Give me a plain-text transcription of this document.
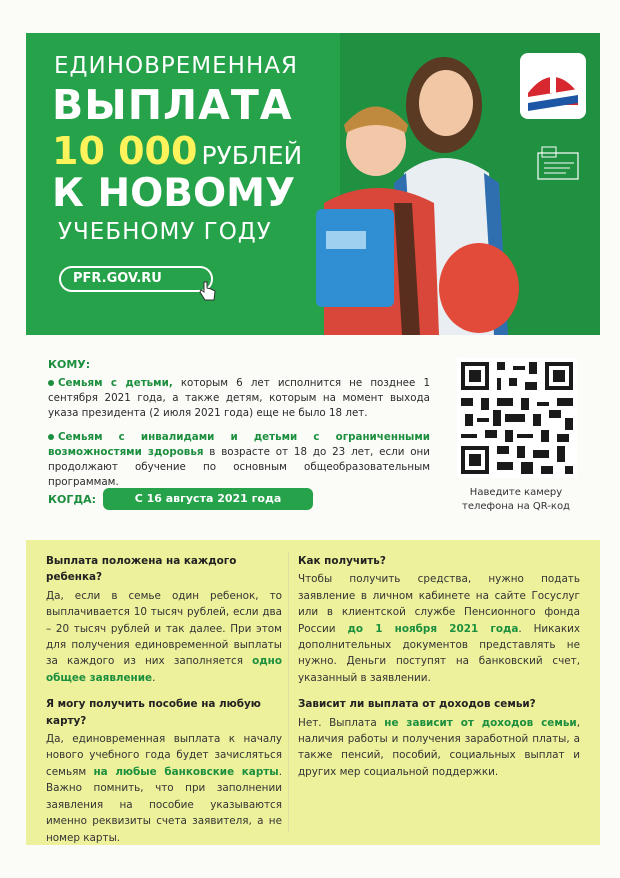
ЕДИНОВРЕМЕННАЯ
ВЫПЛАТА
10 000 РУБЛЕЙ
К НОВОМУ
УЧЕБНОМУ ГОДУ
PFR.GOV.RU
КОМУ:
Семьям с детьми, которым 6 лет исполнится не позднее 1 сентября 2021 года, а также детям, которым на момент выхода указа президента (2 июля 2021 года) еще не было 18 лет.
Семьям с инвалидами и детьми с ограниченными возможностями здоровья в возрасте от 18 до 23 лет, если они продолжают обучение по основным общеобразовательным программам.
КОГДА:	С 16 августа 2021 года	Наведите камеру
телефона на QR-код
Выплата положена на каждого ребенка?
Да, если в семье один ребенок, то выплачивается 10 тысяч рублей, если два – 20 тысяч рублей и так далее. При этом для получения единовременной выплаты за каждого из них заполняется одно общее заявление.
Я могу получить пособие на любую карту?
Да, единовременная выплата к началу нового учебного года будет зачисляться семьям на любые банковские карты. Важно помнить, что при заполнении заявления на пособие указываются именно реквизиты счета заявителя, а не номер карты.
Как получить?
Чтобы получить средства, нужно подать заявление в личном кабинете на сайте Госуслуг или в клиентской службе Пенсионного фонда России до 1 ноября 2021 года. Никаких дополнительных документов представлять не нужно. Деньги поступят на банковский счет, указанный в заявлении.
Зависит ли выплата от доходов семьи?
Нет. Выплата не зависит от доходов семьи, наличия работы и получения заработной платы, а также пенсий, пособий, социальных выплат и других мер социальной поддержки.
